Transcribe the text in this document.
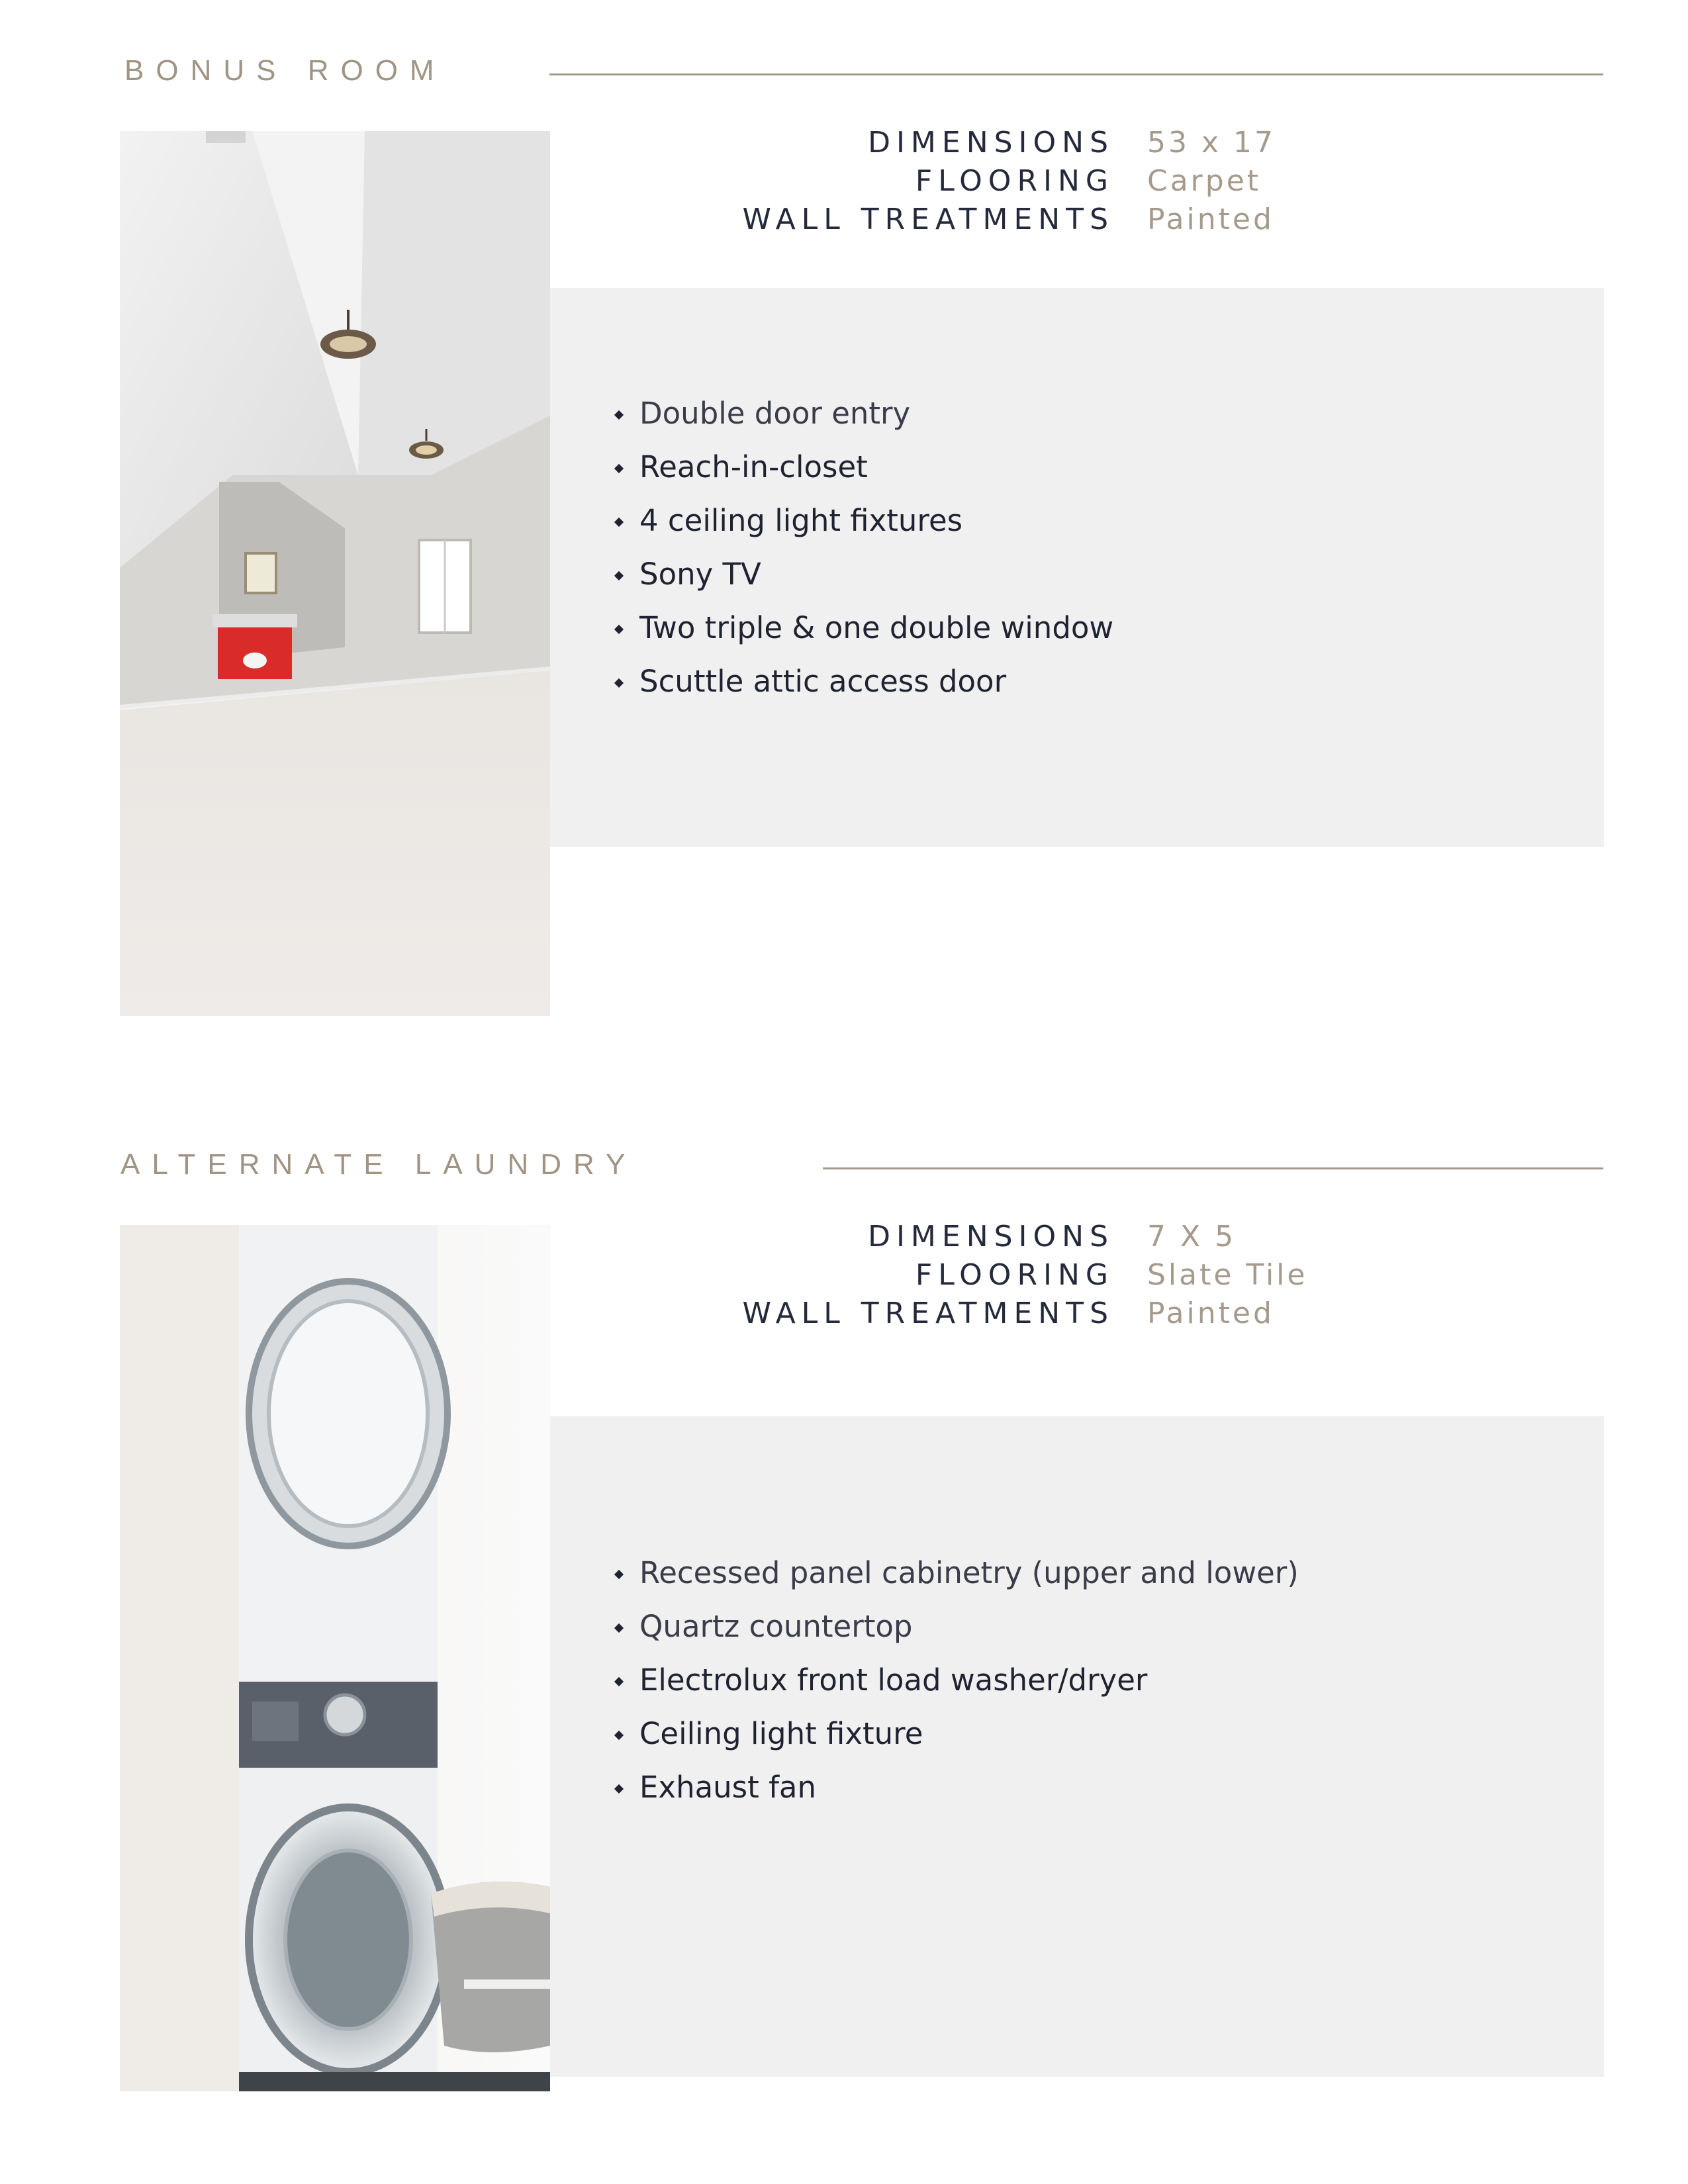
BONUS ROOM
DIMENSIONS 53 x 17
FLOORING Carpet
WALL TREATMENTS Painted
Double door entry
Reach-in-closet
4 ceiling light fixtures
Sony TV
Two triple & one double window
Scuttle attic access door
ALTERNATE LAUNDRY
DIMENSIONS 7 X 5
FLOORING Slate Tile
WALL TREATMENTS Painted
Recessed panel cabinetry (upper and lower)
Quartz countertop
Electrolux front load washer/dryer
Ceiling light fixture
Exhaust fan
